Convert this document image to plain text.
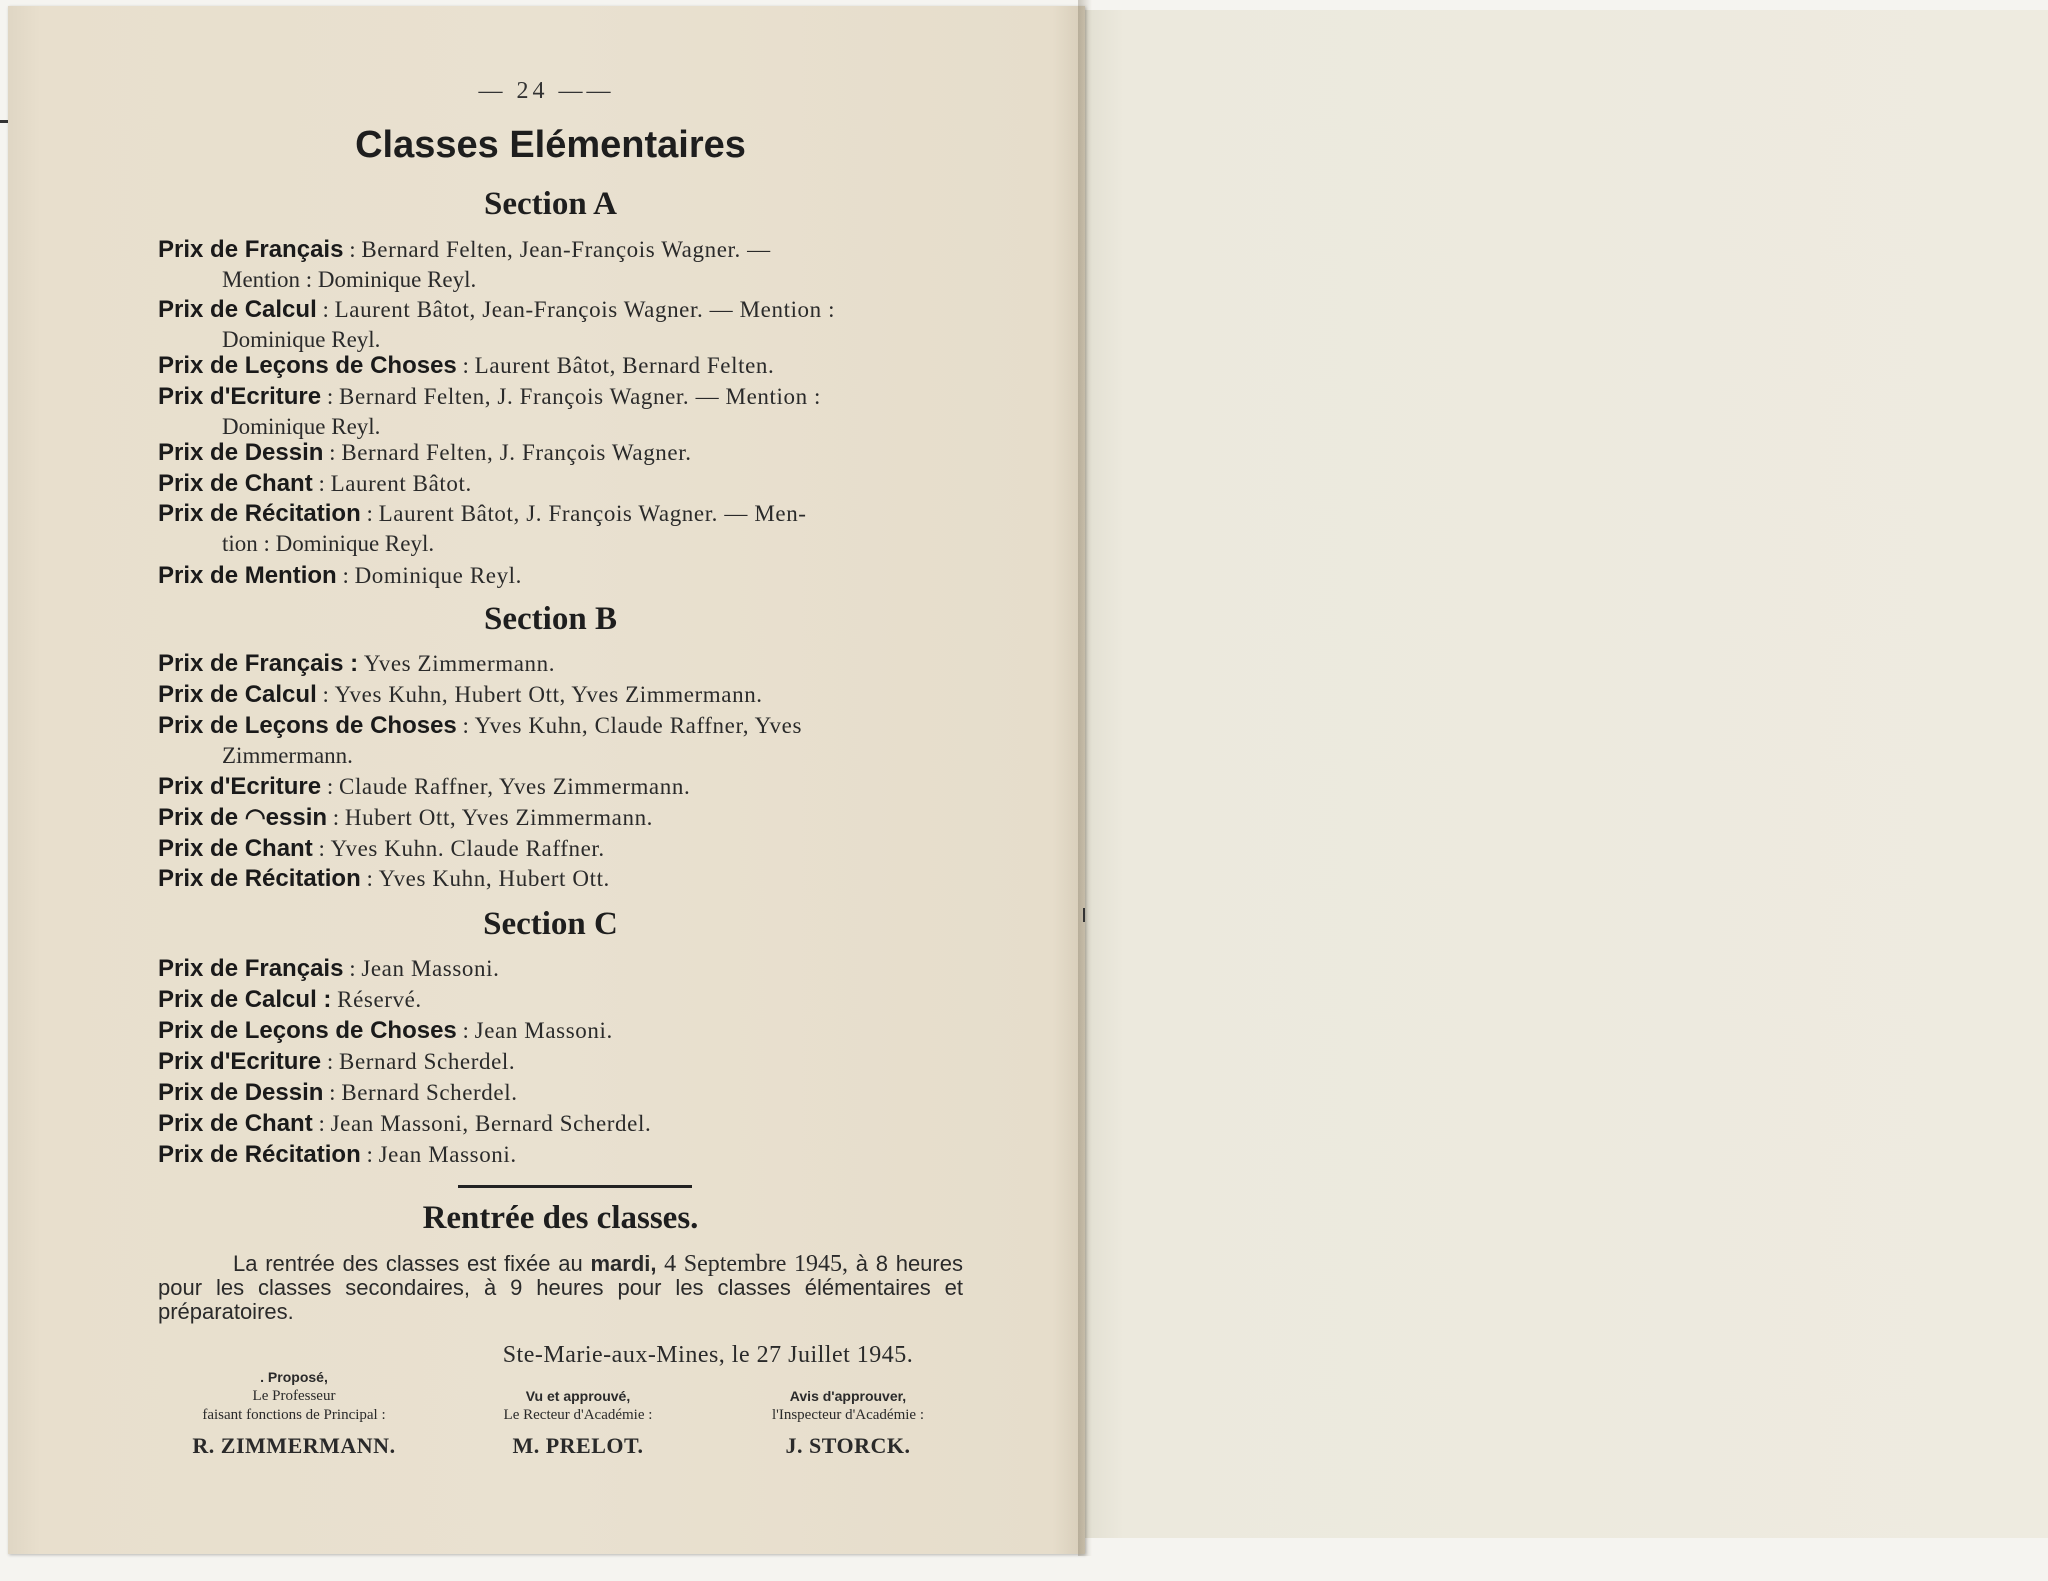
— 24 ——
Classes Elémentaires
Section A
Prix de Français : Bernard Felten, Jean-François Wagner. —
Mention : Dominique Reyl.
Prix de Calcul : Laurent Bâtot, Jean-François Wagner. — Mention :
Dominique Reyl.
Prix de Leçons de Choses : Laurent Bâtot, Bernard Felten.
Prix d'Ecriture : Bernard Felten, J. François Wagner. — Mention :
Dominique Reyl.
Prix de Dessin : Bernard Felten, J. François Wagner.
Prix de Chant : Laurent Bâtot.
Prix de Récitation : Laurent Bâtot, J. François Wagner. — Men-
tion : Dominique Reyl.
Prix de Mention : Dominique Reyl.
Section B
Prix de Français : Yves Zimmermann.
Prix de Calcul : Yves Kuhn, Hubert Ott, Yves Zimmermann.
Prix de Leçons de Choses : Yves Kuhn, Claude Raffner, Yves
Zimmermann.
Prix d'Ecriture : Claude Raffner, Yves Zimmermann.
Prix de ◠essin : Hubert Ott, Yves Zimmermann.
Prix de Chant : Yves Kuhn. Claude Raffner.
Prix de Récitation : Yves Kuhn, Hubert Ott.
Section C
Prix de Français : Jean Massoni.
Prix de Calcul : Réservé.
Prix de Leçons de Choses : Jean Massoni.
Prix d'Ecriture : Bernard Scherdel.
Prix de Dessin : Bernard Scherdel.
Prix de Chant : Jean Massoni, Bernard Scherdel.
Prix de Récitation : Jean Massoni.
Rentrée des classes.
La rentrée des classes est fixée au mardi, 4 Septembre 1945, à 8 heures pour les classes secondaires, à 9 heures pour les classes élémentaires et préparatoires.
Ste-Marie-aux-Mines, le 27 Juillet 1945.
. Proposé,
Le Professeur
faisant fonctions de Principal :
R. ZIMMERMANN.
Vu et approuvé,
Le Recteur d'Académie :
M. PRELOT.
Avis d'approuver,
l'Inspecteur d'Académie :
J. STORCK.
